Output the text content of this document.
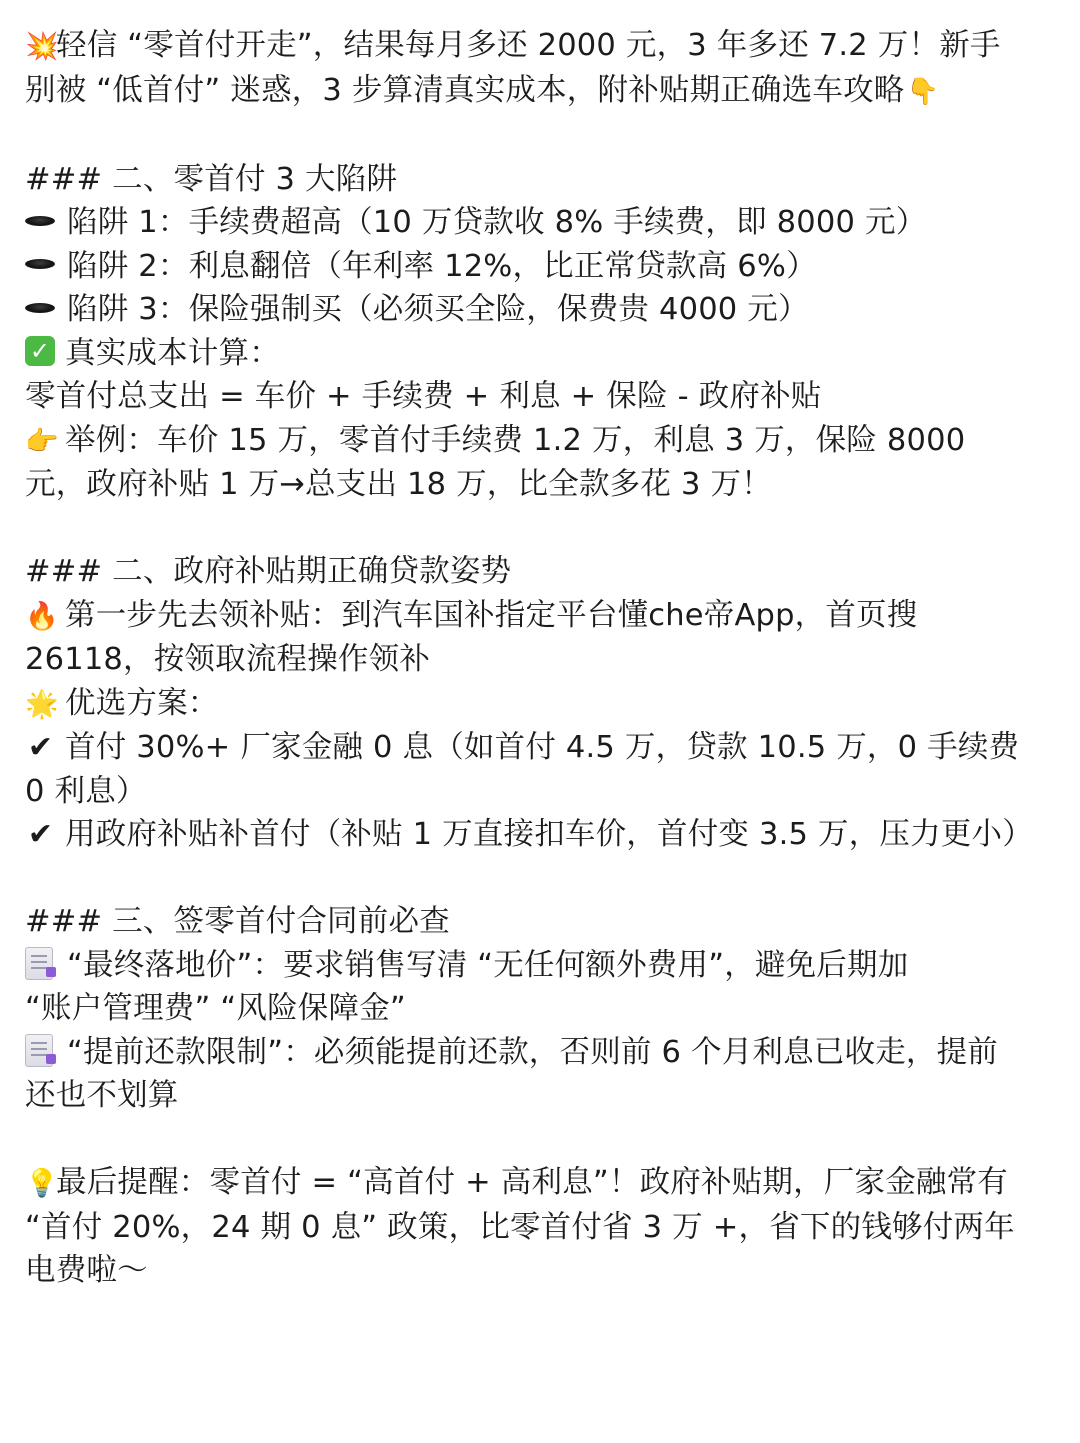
💥轻信 “零首付开走”，结果每月多还 2000 元，3 年多还 7.2 万！新手
别被 “低首付” 迷惑，3 步算清真实成本，附补贴期正确选车攻略👇

### 二、零首付 3 大陷阱
陷阱 1：手续费超高（10 万贷款收 8% 手续费，即 8000 元）
陷阱 2：利息翻倍（年利率 12%，比正常贷款高 6%）
陷阱 3：保险强制买（必须买全险，保费贵 4000 元）
✓ 真实成本计算：
零首付总支出 = 车价 + 手续费 + 利息 + 保险 - 政府补贴
👉 举例：车价 15 万，零首付手续费 1.2 万，利息 3 万，保险 8000
元，政府补贴 1 万→总支出 18 万，比全款多花 3 万！
### 二、政府补贴期正确贷款姿势
🔥 第一步先去领补贴：到汽车国补指定平台懂che帝App，首页搜
26118，按领取流程操作领补
🌟 优选方案：
✔ 首付 30%+ 厂家金融 0 息（如首付 4.5 万，贷款 10.5 万，0 手续费
0 利息）
✔ 用政府补贴补首付（补贴 1 万直接扣车价，首付变 3.5 万，压力更小）
### 三、签零首付合同前必查
“最终落地价”：要求销售写清 “无任何额外费用”，避免后期加
“账户管理费” “风险保障金”
“提前还款限制”：必须能提前还款，否则前 6 个月利息已收走，提前
还也不划算
💡最后提醒：零首付 = “高首付 + 高利息”！政府补贴期，厂家金融常有
“首付 20%，24 期 0 息” 政策，比零首付省 3 万 +，省下的钱够付两年
电费啦～
